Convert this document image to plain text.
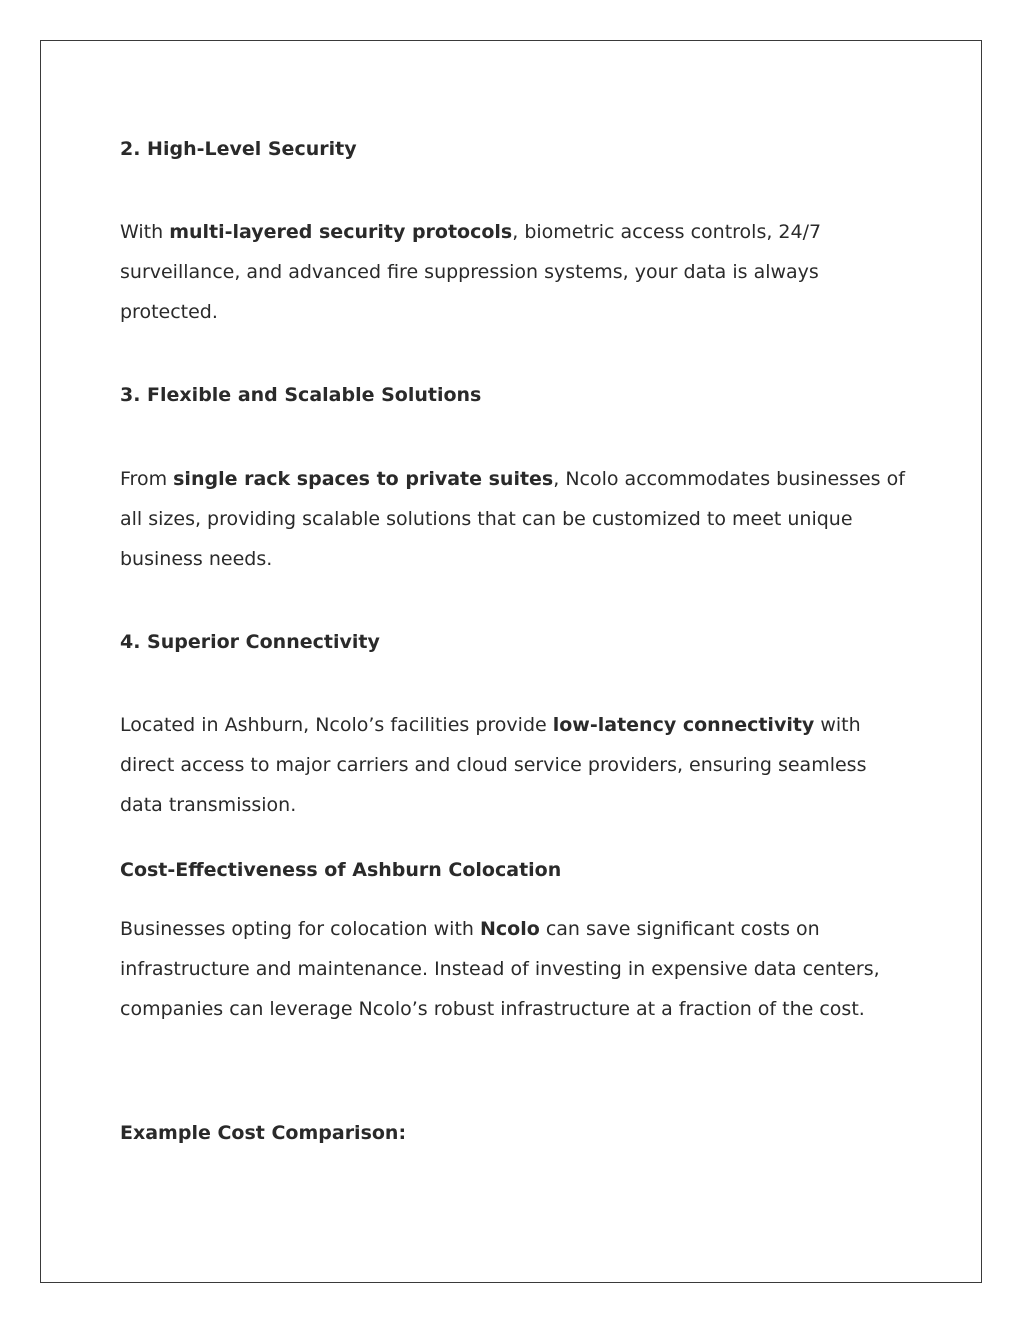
2. High-Level Security
With multi-layered security protocols, biometric access controls, 24/7 surveillance, and advanced fire suppression systems, your data is always protected.
3. Flexible and Scalable Solutions
From single rack spaces to private suites, Ncolo accommodates businesses of all sizes, providing scalable solutions that can be customized to meet unique business needs.
4. Superior Connectivity
Located in Ashburn, Ncolo’s facilities provide low-latency connectivity with direct access to major carriers and cloud service providers, ensuring seamless data transmission.
Cost-Effectiveness of Ashburn Colocation
Businesses opting for colocation with Ncolo can save significant costs on infrastructure and maintenance. Instead of investing in expensive data centers, companies can leverage Ncolo’s robust infrastructure at a fraction of the cost.
Example Cost Comparison:
